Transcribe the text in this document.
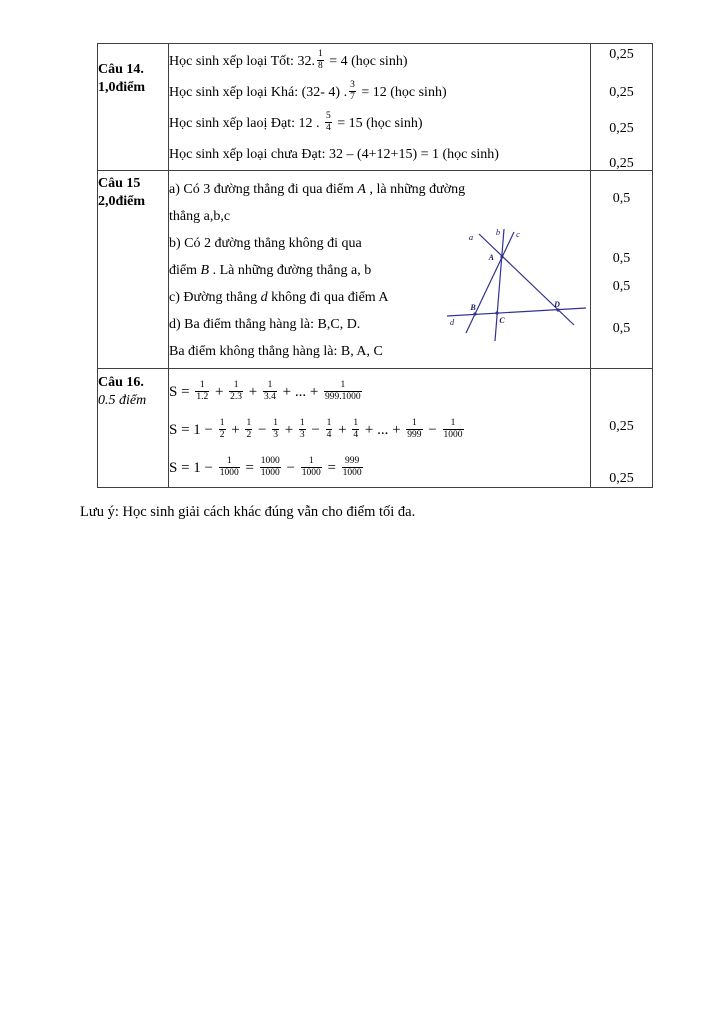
Câu 14.
1,0điểm

Học sinh xếp loại Tốt: 32. $\frac{1}{8} = 4$ (học sinh)
Học sinh xếp loại Khá: (32- 4) . $\frac{3}{7} = 12$ (học sinh)
Học sinh xếp laoị Đạt: 12 . $\frac{5}{4} = 15$ (học sinh)
Học sinh xếp loại chưa Đạt: 32 – (4+12+15) = 1 (học sinh)

0,25
0,25
0,25
0,25

Câu 15
2,0điểm

a) Có 3 đường thẳng đi qua điểm A , là những đường
thẳng a,b,c
b) Có 2 đường thẳng không đi qua
điểm B . Là những đường thẳng a, b
c) Đường thẳng d không đi qua điểm A
d) Ba điểm thẳng hàng là: B,C, D.
Ba điểm không thẳng hàng là: B, A, C
a	b c
d
A
B
C
D

0,5
0,5
0,5
0,5

Câu 16.
0.5 điểm

$S = \frac{1}{1.2} + \frac{1}{2.3} + \frac{1}{3.4}$ + ... + $\frac{1}{999.1000}$
$S = 1 - \frac{1}{2} + \frac{1}{2} - \frac{1}{3} + \frac{1}{3} - \frac{1}{4} + \frac{1}{4}$ + ... + $\frac{1}{999} - \frac{1}{1000}$
$S = 1 - \frac{1}{1000} = \frac{1000}{1000} - \frac{1}{1000} = \frac{999}{1000}$

0,25
0,25

Lưu ý: Học sinh giải cách khác đúng vẫn cho điểm tối đa.
